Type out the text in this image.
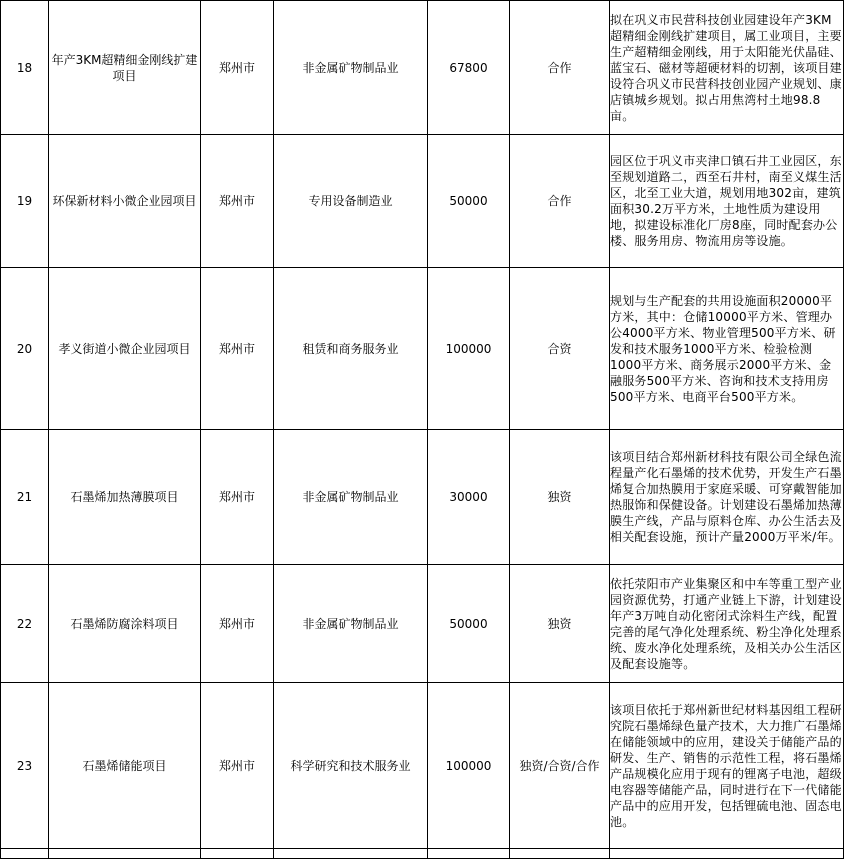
18	年产3KM超精细金刚线扩建项目	郑州市	非金属矿物制品业	67800	合作	拟在巩义市民营科技创业园建设年产3KM超精细金刚线扩建项目，属工业项目，主要生产超精细金刚线，用于太阳能光伏晶硅、蓝宝石、磁材等超硬材料的切割，该项目建设符合巩义市民营科技创业园产业规划、康店镇城乡规划。拟占用焦湾村土地98.8亩。
19	环保新材料小微企业园项目	郑州市	专用设备制造业	50000	合作	园区位于巩义市夹津口镇石井工业园区，东至规划道路二，西至石井村，南至义煤生活区，北至工业大道，规划用地302亩，建筑面积30.2万平方米，土地性质为建设用地，拟建设标准化厂房8座，同时配套办公楼、服务用房、物流用房等设施。
20	孝义街道小微企业园项目	郑州市	租赁和商务服务业	100000	合资	规划与生产配套的共用设施面积20000平方米，其中：仓储10000平方米、管理办公4000平方米、物业管理500平方米、研发和技术服务1000平方米、检验检测1000平方米、商务展示2000平方米、金融服务500平方米、咨询和技术支持用房500平方米、电商平台500平方米。
21	石墨烯加热薄膜项目	郑州市	非金属矿物制品业	30000	独资	该项目结合郑州新材科技有限公司全绿色流程量产化石墨烯的技术优势，开发生产石墨烯复合加热膜用于家庭采暖、可穿戴智能加热服饰和保健设备。计划建设石墨烯加热薄膜生产线，产品与原料仓库、办公生活去及相关配套设施，预计产量2000万平米/年。
22	石墨烯防腐涂料项目	郑州市	非金属矿物制品业	50000	独资	依托荥阳市产业集聚区和中车等重工型产业园资源优势，打通产业链上下游，计划建设年产3万吨自动化密闭式涂料生产线，配置完善的尾气净化处理系统、粉尘净化处理系统、废水净化处理系统，及相关办公生活区及配套设施等。
23	石墨烯储能项目	郑州市	科学研究和技术服务业	100000	独资/合资/合作	该项目依托于郑州新世纪材料基因组工程研究院石墨烯绿色量产技术，大力推广石墨烯在储能领域中的应用，建设关于储能产品的研发、生产、销售的示范性工程，将石墨烯产品规模化应用于现有的锂离子电池，超级电容器等储能产品，同时进行在下一代储能产品中的应用开发，包括锂硫电池、固态电池。
